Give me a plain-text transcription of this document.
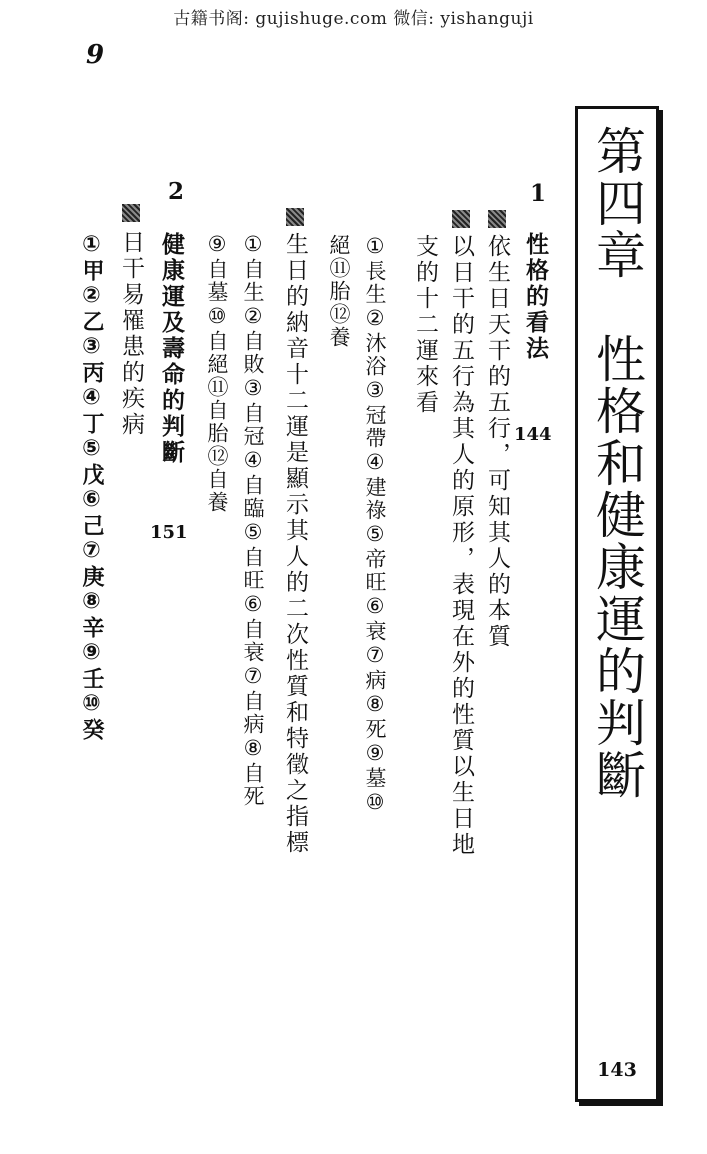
古籍书阁: gujishuge.com 微信: yishanguji
9
第四章　性格和健康運的判斷
143
1
性格的看法
144
依生日天干的五行，可知其人的本質
以日干的五行為其人的原形，表現在外的性質以生日地
支的十二運來看
①長生②沐浴③冠帶④建祿⑤帝旺⑥衰⑦病⑧死⑨墓⑩
絕⑪胎⑫養
生日的納音十二運是顯示其人的二次性質和特徵之指標
①自生②自敗③自冠④自臨⑤自旺⑥自衰⑦自病⑧自死
⑨自墓⑩自絕⑪自胎⑫自養
2
健康運及壽命的判斷
151
日干易罹患的疾病
①甲②乙③丙④丁⑤戊⑥己⑦庚⑧辛⑨壬⑩癸
